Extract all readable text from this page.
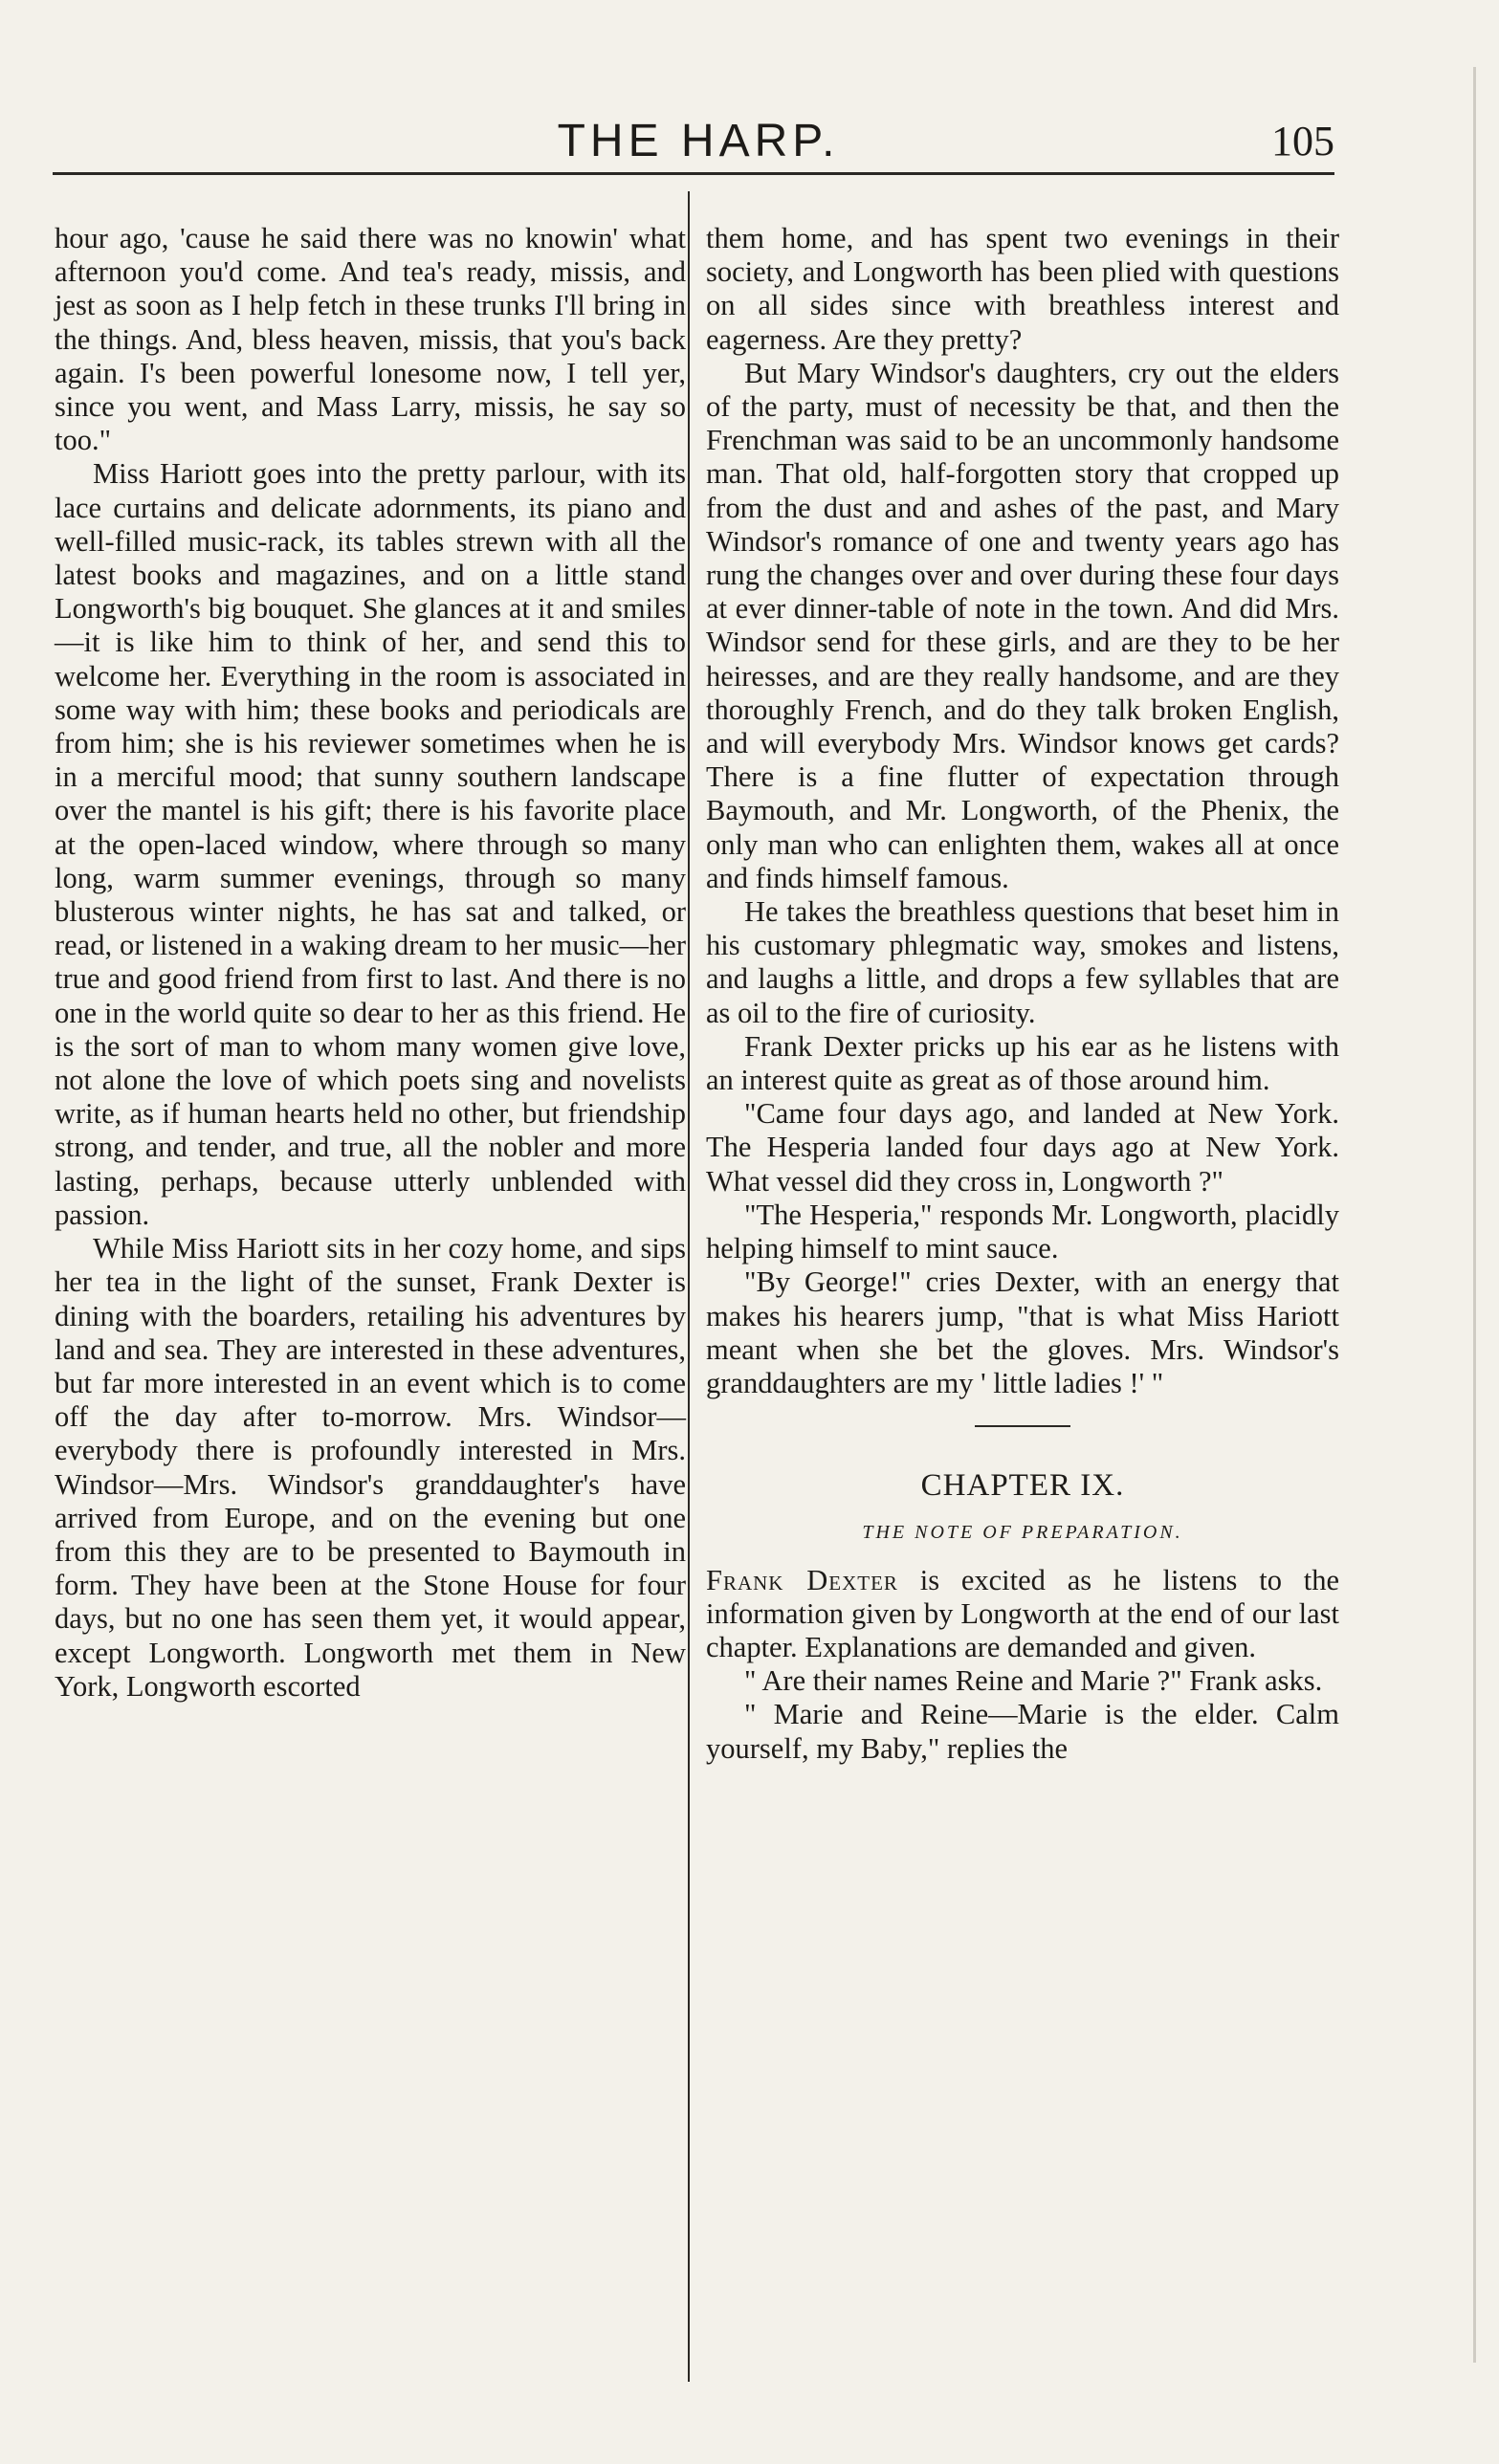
THE HARP.	105

hour ago, 'cause he said there was no knowin' what afternoon you'd come. And tea's ready, missis, and jest as soon as I help fetch in these trunks I'll bring in the things. And, bless heaven, missis, that you's back again. I's been powerful lonesome now, I tell yer, since you went, and Mass Larry, missis, he say so too."

Miss Hariott goes into the pretty parlour, with its lace curtains and delicate adornments, its piano and well-filled music-rack, its tables strewn with all the latest books and magazines, and on a little stand Longworth's big bouquet. She glances at it and smiles—it is like him to think of her, and send this to welcome her. Everything in the room is associated in some way with him; these books and periodicals are from him; she is his reviewer sometimes when he is in a merciful mood; that sunny southern landscape over the mantel is his gift; there is his favorite place at the open-laced window, where through so many long, warm summer evenings, through so many blusterous winter nights, he has sat and talked, or read, or listened in a waking dream to her music—her true and good friend from first to last. And there is no one in the world quite so dear to her as this friend. He is the sort of man to whom many women give love, not alone the love of which poets sing and novelists write, as if human hearts held no other, but friendship strong, and tender, and true, all the nobler and more lasting, perhaps, because utterly unblended with passion.

While Miss Hariott sits in her cozy home, and sips her tea in the light of the sunset, Frank Dexter is dining with the boarders, retailing his adventures by land and sea. They are interested in these adventures, but far more interested in an event which is to come off the day after to-morrow. Mrs. Windsor—everybody there is profoundly interested in Mrs. Windsor—Mrs. Windsor's granddaughter's have arrived from Europe, and on the evening but one from this they are to be presented to Baymouth in form. They have been at the Stone House for four days, but no one has seen them yet, it would appear, except Longworth. Longworth met them in New York, Longworth escorted

them home, and has spent two evenings in their society, and Longworth has been plied with questions on all sides since with breathless interest and eagerness. Are they pretty?

But Mary Windsor's daughters, cry out the elders of the party, must of necessity be that, and then the Frenchman was said to be an uncommonly handsome man. That old, half-forgotten story that cropped up from the dust and and ashes of the past, and Mary Windsor's romance of one and twenty years ago has rung the changes over and over during these four days at ever dinner-table of note in the town. And did Mrs. Windsor send for these girls, and are they to be her heiresses, and are they really handsome, and are they thoroughly French, and do they talk broken English, and will everybody Mrs. Windsor knows get cards? There is a fine flutter of expectation through Baymouth, and Mr. Longworth, of the Phenix, the only man who can enlighten them, wakes all at once and finds himself famous.

He takes the breathless questions that beset him in his customary phlegmatic way, smokes and listens, and laughs a little, and drops a few syllables that are as oil to the fire of curiosity.

Frank Dexter pricks up his ear as he listens with an interest quite as great as of those around him.

"Came four days ago, and landed at New York. The Hesperia landed four days ago at New York. What vessel did they cross in, Longworth ?"

"The Hesperia," responds Mr. Longworth, placidly helping himself to mint sauce.

"By George!" cries Dexter, with an energy that makes his hearers jump, "that is what Miss Hariott meant when she bet the gloves. Mrs. Windsor's granddaughters are my ' little ladies !' "

CHAPTER IX.
THE NOTE OF PREPARATION.

Frank Dexter is excited as he listens to the information given by Longworth at the end of our last chapter. Explanations are demanded and given.

" Are their names Reine and Marie ?" Frank asks.

" Marie and Reine—Marie is the elder. Calm yourself, my Baby," replies the
